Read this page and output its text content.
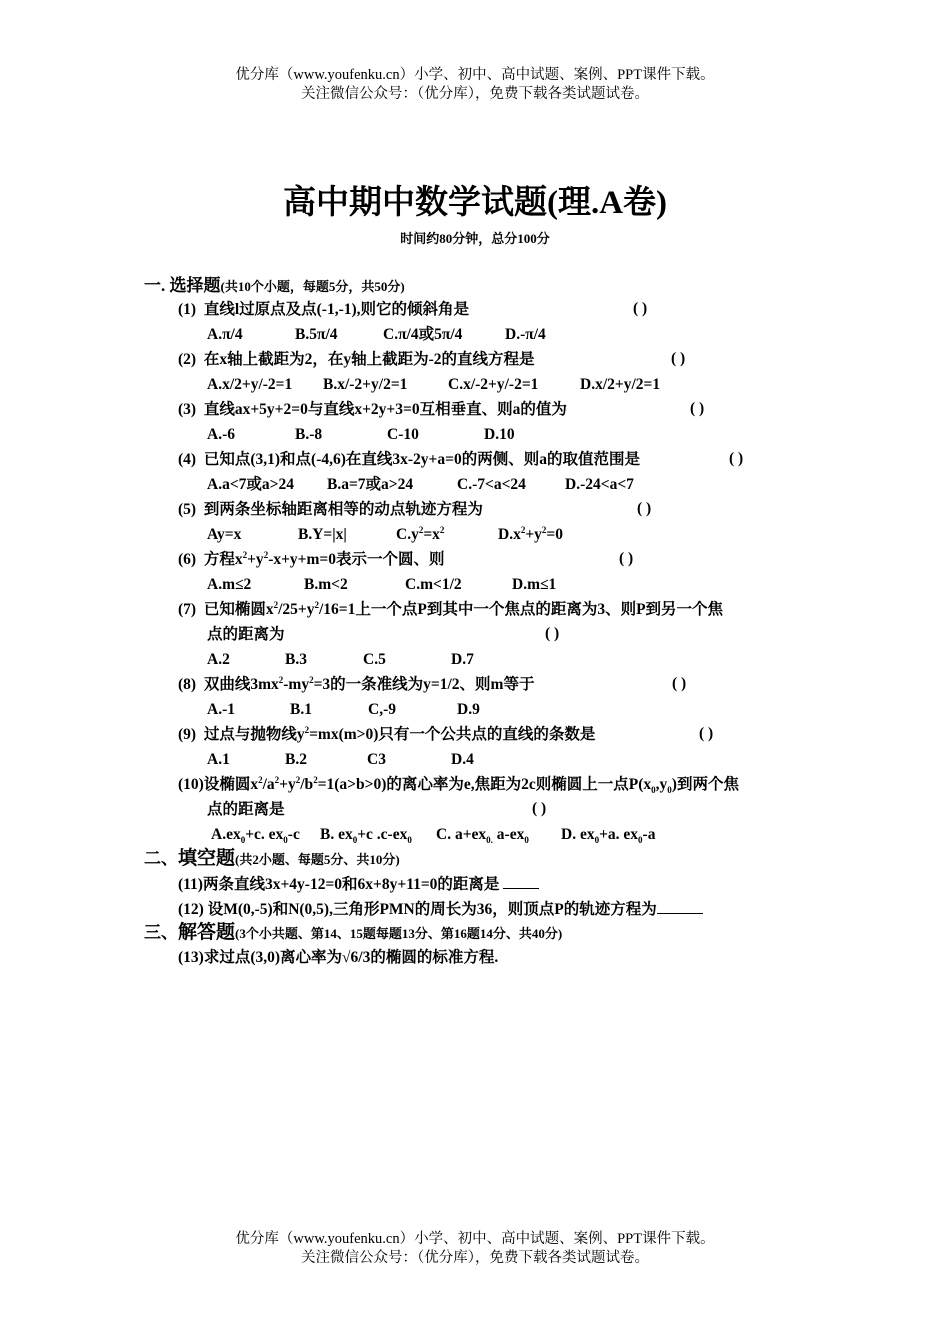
优分库（www.youfenku.cn）小学、初中、高中试题、案例、PPT课件下载。
关注微信公众号：（优分库），免费下载各类试题试卷。
高中期中数学试题(理.A卷)
时间约80分钟，总分100分
一. 选择题(共10个小题，每题5分，共50分)
(1) 直线l过原点及点(-1,-1),则它的倾斜角是	( )
A.π/4	B.5π/4	C.π/4或5π/4	D.-π/4
(2) 在x轴上截距为2，在y轴上截距为-2的直线方程是	( )
A.x/2+y/-2=1 B.x/-2+y/2=1	C.x/-2+y/-2=1	D.x/2+y/2=1
(3) 直线ax+5y+2=0与直线x+2y+3=0互相垂直、则a的值为	( )
A.-6	B.-8	C-10	D.10
(4) 已知点(3,1)和点(-4,6)在直线3x-2y+a=0的两侧、则a的取值范围是	( )
A.a<7或a>24 B.a=7或a>24	C.-7<a<24	D.-24<a<7
(5) 到两条坐标轴距离相等的动点轨迹方程为	( )
Ay=x	B.Y=|x|	$C.y^2=x^2$	$D.x^2+y^2=0$
(6) 方程$x^2+y^2-x+y+m=0$表示一个圆、则	( )
A.m≤2	B.m<2	C.m<1/2	D.m≤1
(7) 已知椭圆$x^2/25+y^2/16=1$上一个点P到其中一个焦点的距离为3、则P到另一个焦
点的距离为	( )
A.2	B.3	C.5	D.7
(8) 双曲线$3mx^2-my^2=3$的一条准线为y=1/2、则m等于	( )
A.-1	B.1	C,-9	D.9
(9) 过点与抛物线$y^2=mx(m>0)$只有一个公共点的直线的条数是	( )
A.1	B.2	C3	D.4
(10)设椭圆$x^2/a^2+y^2/b^2=1(a>b>0)$的离心率为e,焦距为2c则椭圆上一点$P(x_0,y_0)$到两个焦
点的距离是	( )
$A.ex_0+c$. $ex_0-c$ B. $ex_0+c$ $.c-ex_0$ C. $a+ex_{0.}$ $a-ex_0$ D. $ex_0+a$. $ex_0-a$
二、填空题(共2小题、每题5分、共10分)
(11)两条直线3x+4y-12=0和6x+8y+11=0的距离是
(12) 设M(0,-5)和N(0,5),三角形PMN的周长为36，则顶点P的轨迹方程为
三、解答题(3个小共题、第14、15题每题13分、第16题14分、共40分)
(13)求过点(3,0)离心率为√6/3的椭圆的标准方程.
优分库（www.youfenku.cn）小学、初中、高中试题、案例、PPT课件下载。
关注微信公众号：（优分库），免费下载各类试题试卷。
